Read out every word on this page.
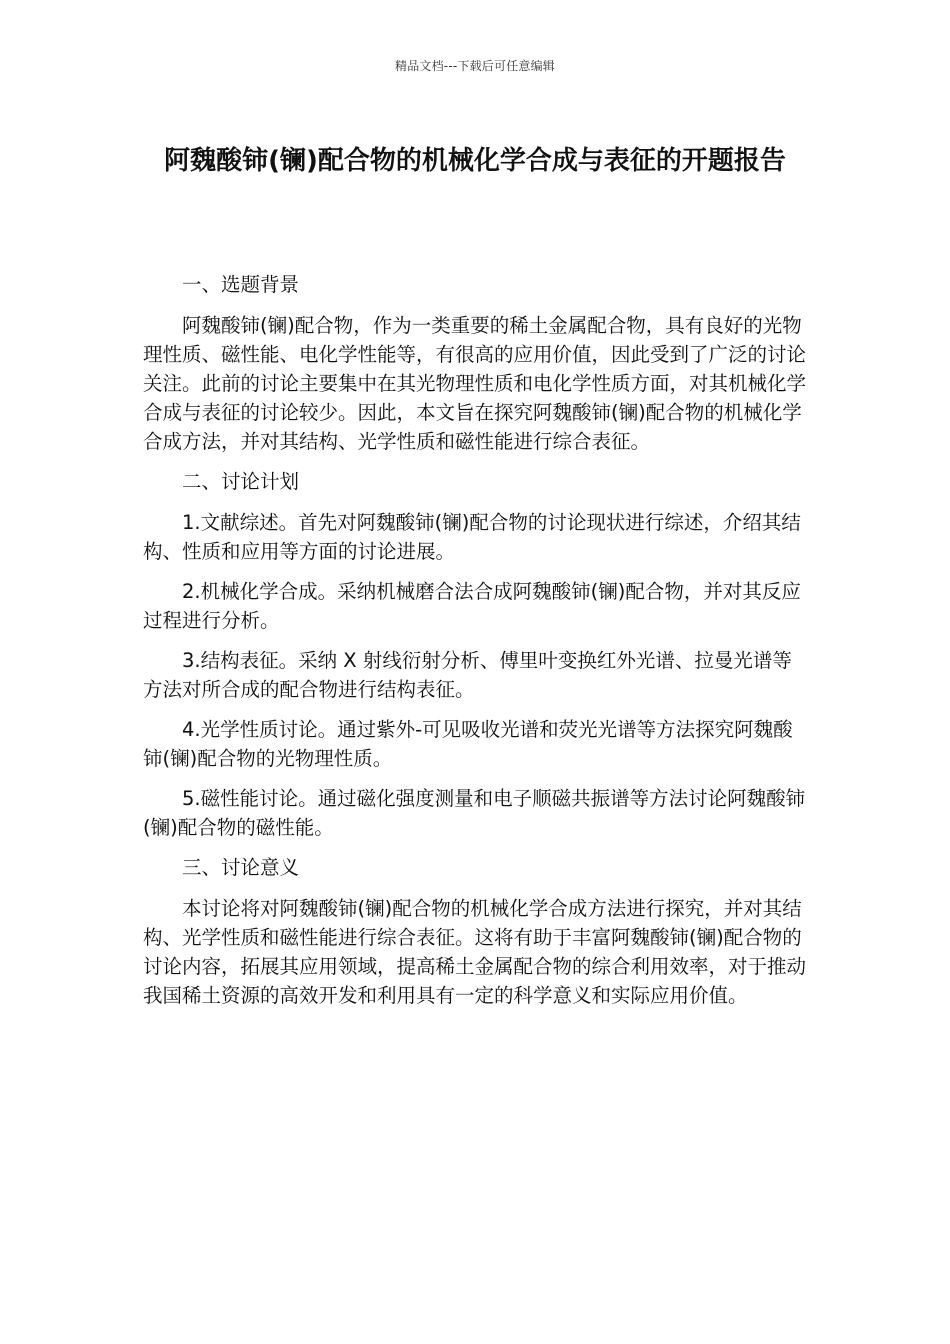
精品文档---下载后可任意编辑
阿魏酸铈(镧)配合物的机械化学合成与表征的开题报告

一、选题背景

阿魏酸铈(镧)配合物，作为一类重要的稀土金属配合物，具有良好的光物理性质、磁性能、电化学性能等，有很高的应用价值，因此受到了广泛的讨论关注。此前的讨论主要集中在其光物理性质和电化学性质方面，对其机械化学合成与表征的讨论较少。因此，本文旨在探究阿魏酸铈(镧)配合物的机械化学合成方法，并对其结构、光学性质和磁性能进行综合表征。

二、讨论计划

1.文献综述。首先对阿魏酸铈(镧)配合物的讨论现状进行综述，介绍其结构、性质和应用等方面的讨论进展。

2.机械化学合成。采纳机械磨合法合成阿魏酸铈(镧)配合物，并对其反应过程进行分析。

3.结构表征。采纳 X 射线衍射分析、傅里叶变换红外光谱、拉曼光谱等方法对所合成的配合物进行结构表征。

4.光学性质讨论。通过紫外-可见吸收光谱和荧光光谱等方法探究阿魏酸铈(镧)配合物的光物理性质。

5.磁性能讨论。通过磁化强度测量和电子顺磁共振谱等方法讨论阿魏酸铈(镧)配合物的磁性能。

三、讨论意义

本讨论将对阿魏酸铈(镧)配合物的机械化学合成方法进行探究，并对其结构、光学性质和磁性能进行综合表征。这将有助于丰富阿魏酸铈(镧)配合物的讨论内容，拓展其应用领域，提高稀土金属配合物的综合利用效率，对于推动我国稀土资源的高效开发和利用具有一定的科学意义和实际应用价值。
